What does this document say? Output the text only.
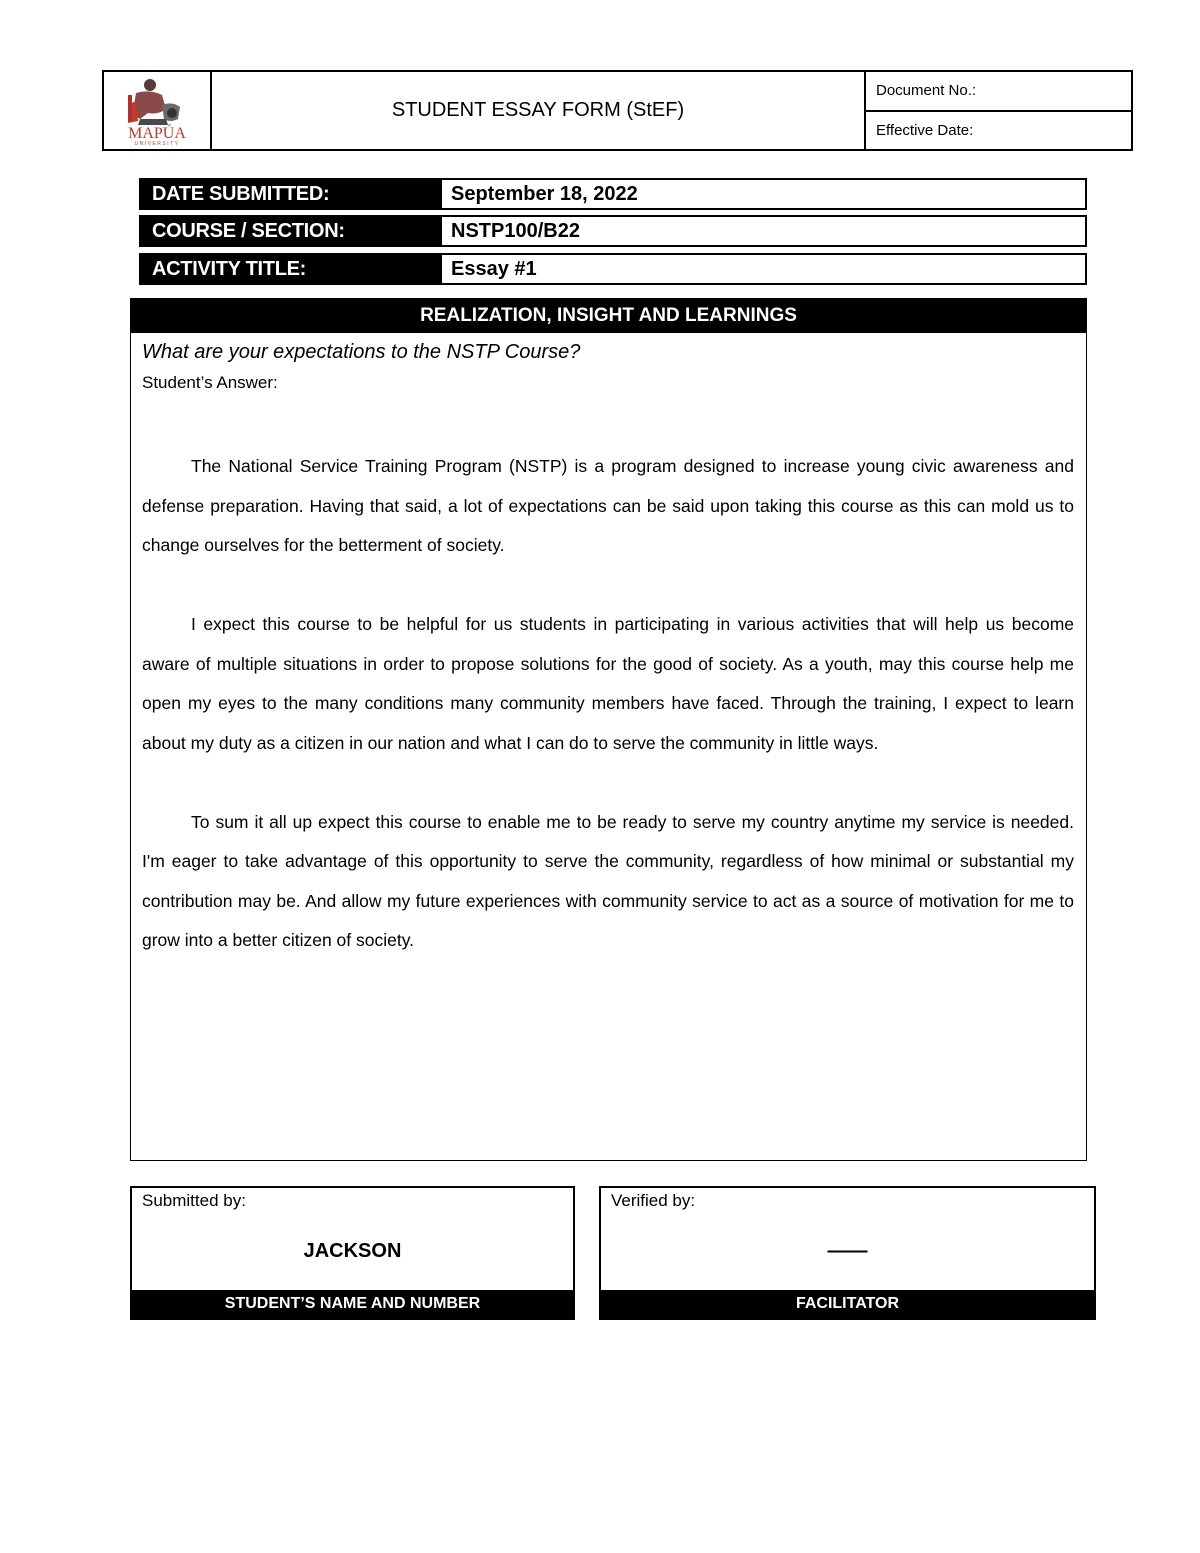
MAPÚA
UNIVERSITY
STUDENT ESSAY FORM (StEF)
Document No.:
Effective Date:
DATE SUBMITTED:	September 18, 2022
COURSE / SECTION:	NSTP100/B22
ACTIVITY TITLE:	Essay #1
REALIZATION, INSIGHT AND LEARNINGS
What are your expectations to the NSTP Course?
Student’s Answer:

The National Service Training Program (NSTP) is a program designed to increase young civic awareness and defense preparation. Having that said, a lot of expectations can be said upon taking this course as this can mold us to change ourselves for the betterment of society.

I expect this course to be helpful for us students in participating in various activities that will help us become aware of multiple situations in order to propose solutions for the good of society. As a youth, may this course help me open my eyes to the many conditions many community members have faced. Through the training, I expect to learn about my duty as a citizen in our nation and what I can do to serve the community in little ways.

To sum it all up expect this course to enable me to be ready to serve my country anytime my service is needed. I'm eager to take advantage of this opportunity to serve the community, regardless of how minimal or substantial my contribution may be. And allow my future experiences with community service to act as a source of motivation for me to grow into a better citizen of society.

Submitted by:
JACKSON
STUDENT’S NAME AND NUMBER
Verified by:
——
FACILITATOR
